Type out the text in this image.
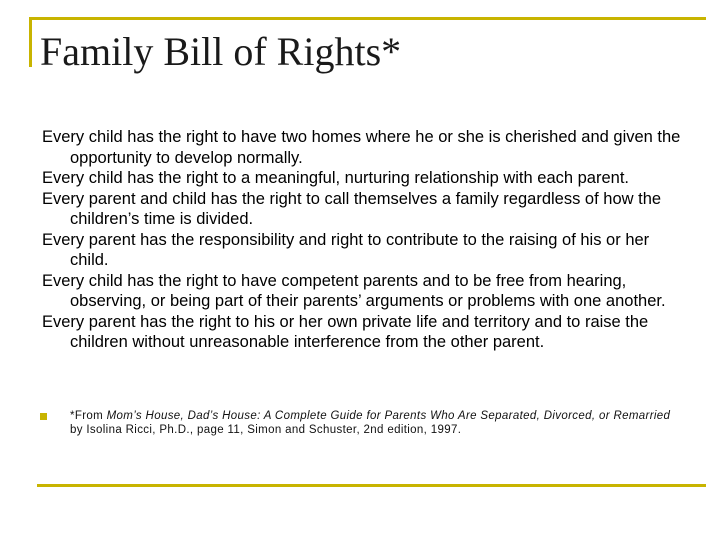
Family Bill of Rights*
Every child has the right to have two homes where he or she is cherished and given the opportunity to develop normally.
Every child has the right to a meaningful, nurturing relationship with each parent.
Every parent and child has the right to call themselves a family regardless of how the children’s time is divided.
Every parent has the responsibility and right to contribute to the raising of his or her child.
Every child has the right to have competent parents and to be free from hearing, observing, or being part of their parents’ arguments or problems with one another.
Every parent has the right to his or her own private life and territory and to raise the children without unreasonable interference from the other parent.
*From Mom’s House, Dad’s House: A Complete Guide for Parents Who Are Separated, Divorced, or Remarried by Isolina Ricci, Ph.D., page 11, Simon and Schuster, 2nd edition, 1997.
